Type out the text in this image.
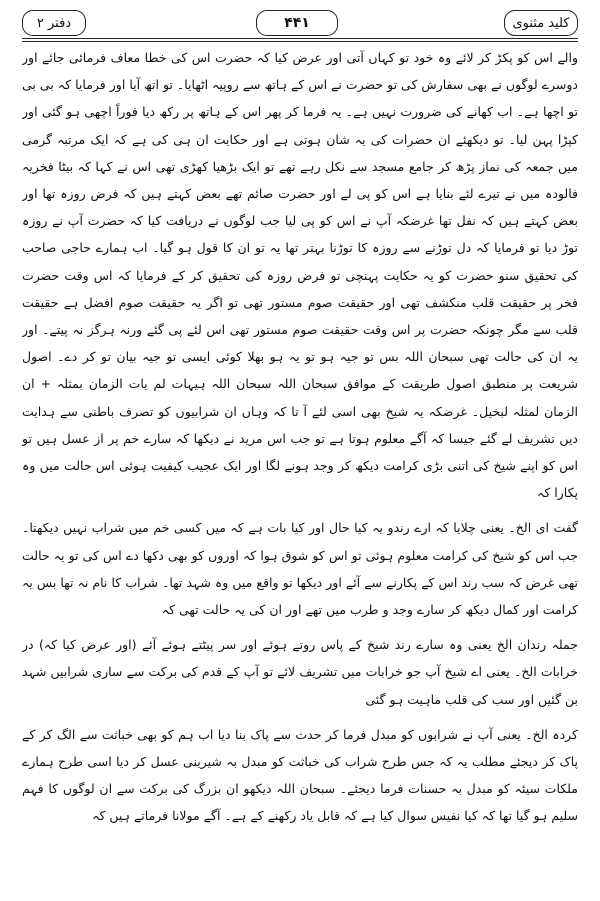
دفتر ۲	۴۴۱	کلید مثنوی

والے اس کو پکڑ کر لائے وہ خود تو کہاں آتی اور عرض کیا کہ حضرت اس کی خطا معاف فرمائی جائے اور دوسرے لوگوں نے بھی سفارش کی تو حضرت نے اس کے ہاتھ سے روپیہ اٹھایا۔ تو اتھ آیا اور فرمایا کہ بی بی تو اچھا ہے۔ اب کھانے کی ضرورت نہیں ہے۔ یہ فرما کر پھر اس کے ہاتھ پر رکھ دیا فوراً اچھی ہو گئی اور کپڑا پہن لیا۔ تو دیکھئے ان حضرات کی یہ شان ہوتی ہے اور حکایت ان ہی کی ہے کہ ایک مرتبہ گرمی میں جمعہ کی نماز پڑھ کر جامع مسجد سے نکل رہے تھے تو ایک بڑھیا کھڑی تھی اس نے کہا کہ بیٹا فخریہ فالودہ میں نے تیرے لئے بنایا ہے اس کو پی لے اور حضرت صائم تھے بعض کہتے ہیں کہ فرض روزہ تھا اور بعض کہتے ہیں کہ نفل تھا غرضکہ آپ نے اس کو پی لیا جب لوگوں نے دریافت کیا کہ حضرت آپ نے روزہ توڑ دیا تو فرمایا کہ دل توڑنے سے روزہ کا توڑنا بہتر تھا یہ تو ان کا قول ہو گیا۔ اب ہمارے حاجی صاحب کی تحقیق سنو حضرت کو یہ حکایت پہنچی تو فرض روزہ کی تحقیق کر کے فرمایا کہ اس وقت حضرت فخر پر حقیقت قلب منکشف تھی اور حقیقت صوم مستور تھی تو اگر یہ حقیقت صوم افضل ہے حقیقت قلب سے مگر چونکہ حضرت پر اس وقت حقیقت صوم مستور تھی اس لئے پی گئے ورنہ ہرگز نہ پیتے۔ اور یہ ان کی حالت تھی سبحان اللہ بس تو جیہ ہو تو یہ ہو بھلا کوئی ایسی تو جیہ بیان تو کر دے۔ اصول شریعت پر منطبق اصول طریقت کے موافق سبحان اللہ سبحان اللہ ہیہات لم یات الزمان بمثلہ + ان الزمان لمثلہ لبخیل۔ غرضکہ یہ شیخ بھی اسی لئے آ تا کہ وہاں ان شرابیوں کو تصرف باطنی سے ہدایت دیں تشریف لے گئے جیسا کہ آگے معلوم ہوتا ہے تو جب اس مرید نے دیکھا کہ سارے خم پر از عسل ہیں تو اس کو اپنے شیخ کی اتنی بڑی کرامت دیکھ کر وجد ہونے لگا اور ایک عجیب کیفیت ہوئی اس حالت میں وہ پکارا کہ

گفت ای الخ۔ یعنی چلایا کہ ارے رندو یہ کیا حال اور کیا بات ہے کہ میں کسی خم میں شراب نہیں دیکھتا۔ جب اس کو شیخ کی کرامت معلوم ہوئی تو اس کو شوق ہوا کہ اوروں کو بھی دکھا دے اس کی تو یہ حالت تھی غرض کہ سب رند اس کے پکارنے سے آئے اور دیکھا تو واقع میں وہ شہد تھا۔ شراب کا نام نہ تھا بس یہ کرامت اور کمال دیکھ کر سارے وجد و طرب میں تھے اور ان کی یہ حالت تھی کہ

جملہ رندان الخ یعنی وہ سارے رند شیخ کے پاس روتے ہوئے اور سر پیٹتے ہوئے آئے (اور عرض کیا کہ) در خرابات الخ۔ یعنی اے شیخ آپ جو خرابات میں تشریف لائے تو آپ کے قدم کی برکت سے ساری شرابیں شہد بن گئیں اور سب کی قلب ماہیت ہو گئی

کردہ الخ۔ یعنی آپ نے شرابوں کو مبدل فرما کر حدث سے پاک بنا دیا اب ہم کو بھی خباثت سے الگ کر کے پاک کر دیجئے مطلب یہ کہ جس طرح شراب کی خباثت کو مبدل بہ شیرینی عسل کر دیا اسی طرح ہمارے ملکات سیئہ کو مبدل بہ حسنات فرما دیجئے۔ سبحان اللہ دیکھو ان بزرگ کی برکت سے ان لوگوں کا فہم سلیم ہو گیا تھا کہ کیا نفیس سوال کیا ہے کہ قابل یاد رکھنے کے ہے۔ آگے مولانا فرماتے ہیں کہ
